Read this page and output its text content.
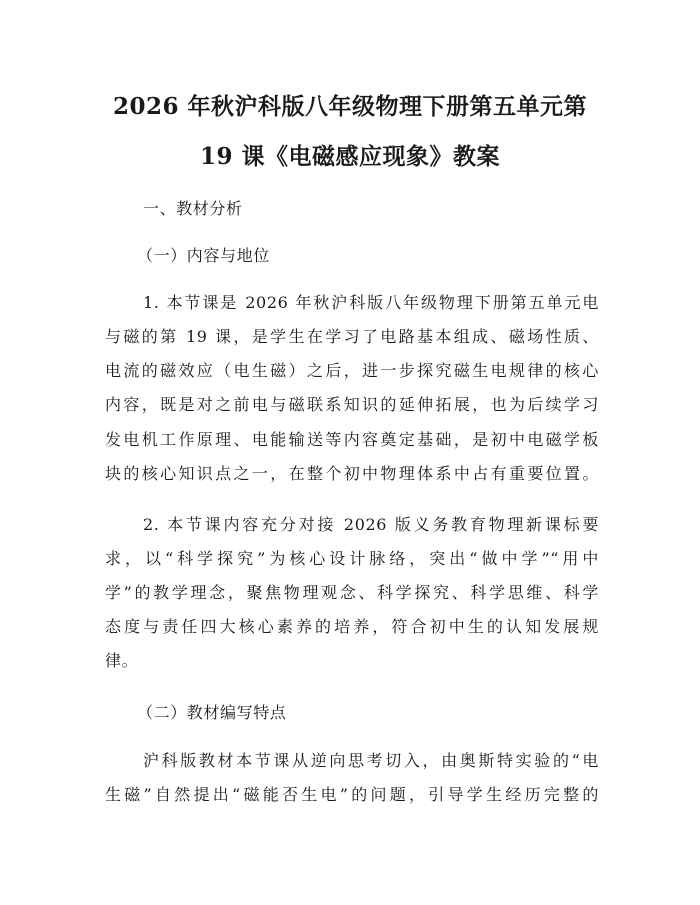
2026 年秋沪科版八年级物理下册第五单元第
19 课《电磁感应现象》教案
一、教材分析
（一）内容与地位
1. 本节课是 2026 年秋沪科版八年级物理下册第五单元电
与磁的第 19 课，是学生在学习了电路基本组成、磁场性质、
电流的磁效应（电生磁）之后，进一步探究磁生电规律的核心
内容，既是对之前电与磁联系知识的延伸拓展，也为后续学习
发电机工作原理、电能输送等内容奠定基础，是初中电磁学板
块的核心知识点之一，在整个初中物理体系中占有重要位置。
2. 本节课内容充分对接 2026 版义务教育物理新课标要
求，以“科学探究”为核心设计脉络，突出“做中学”“用中
学”的教学理念，聚焦物理观念、科学探究、科学思维、科学
态度与责任四大核心素养的培养，符合初中生的认知发展规
律。
（二）教材编写特点
沪科版教材本节课从逆向思考切入，由奥斯特实验的“电
生磁”自然提出“磁能否生电”的问题，引导学生经历完整的
